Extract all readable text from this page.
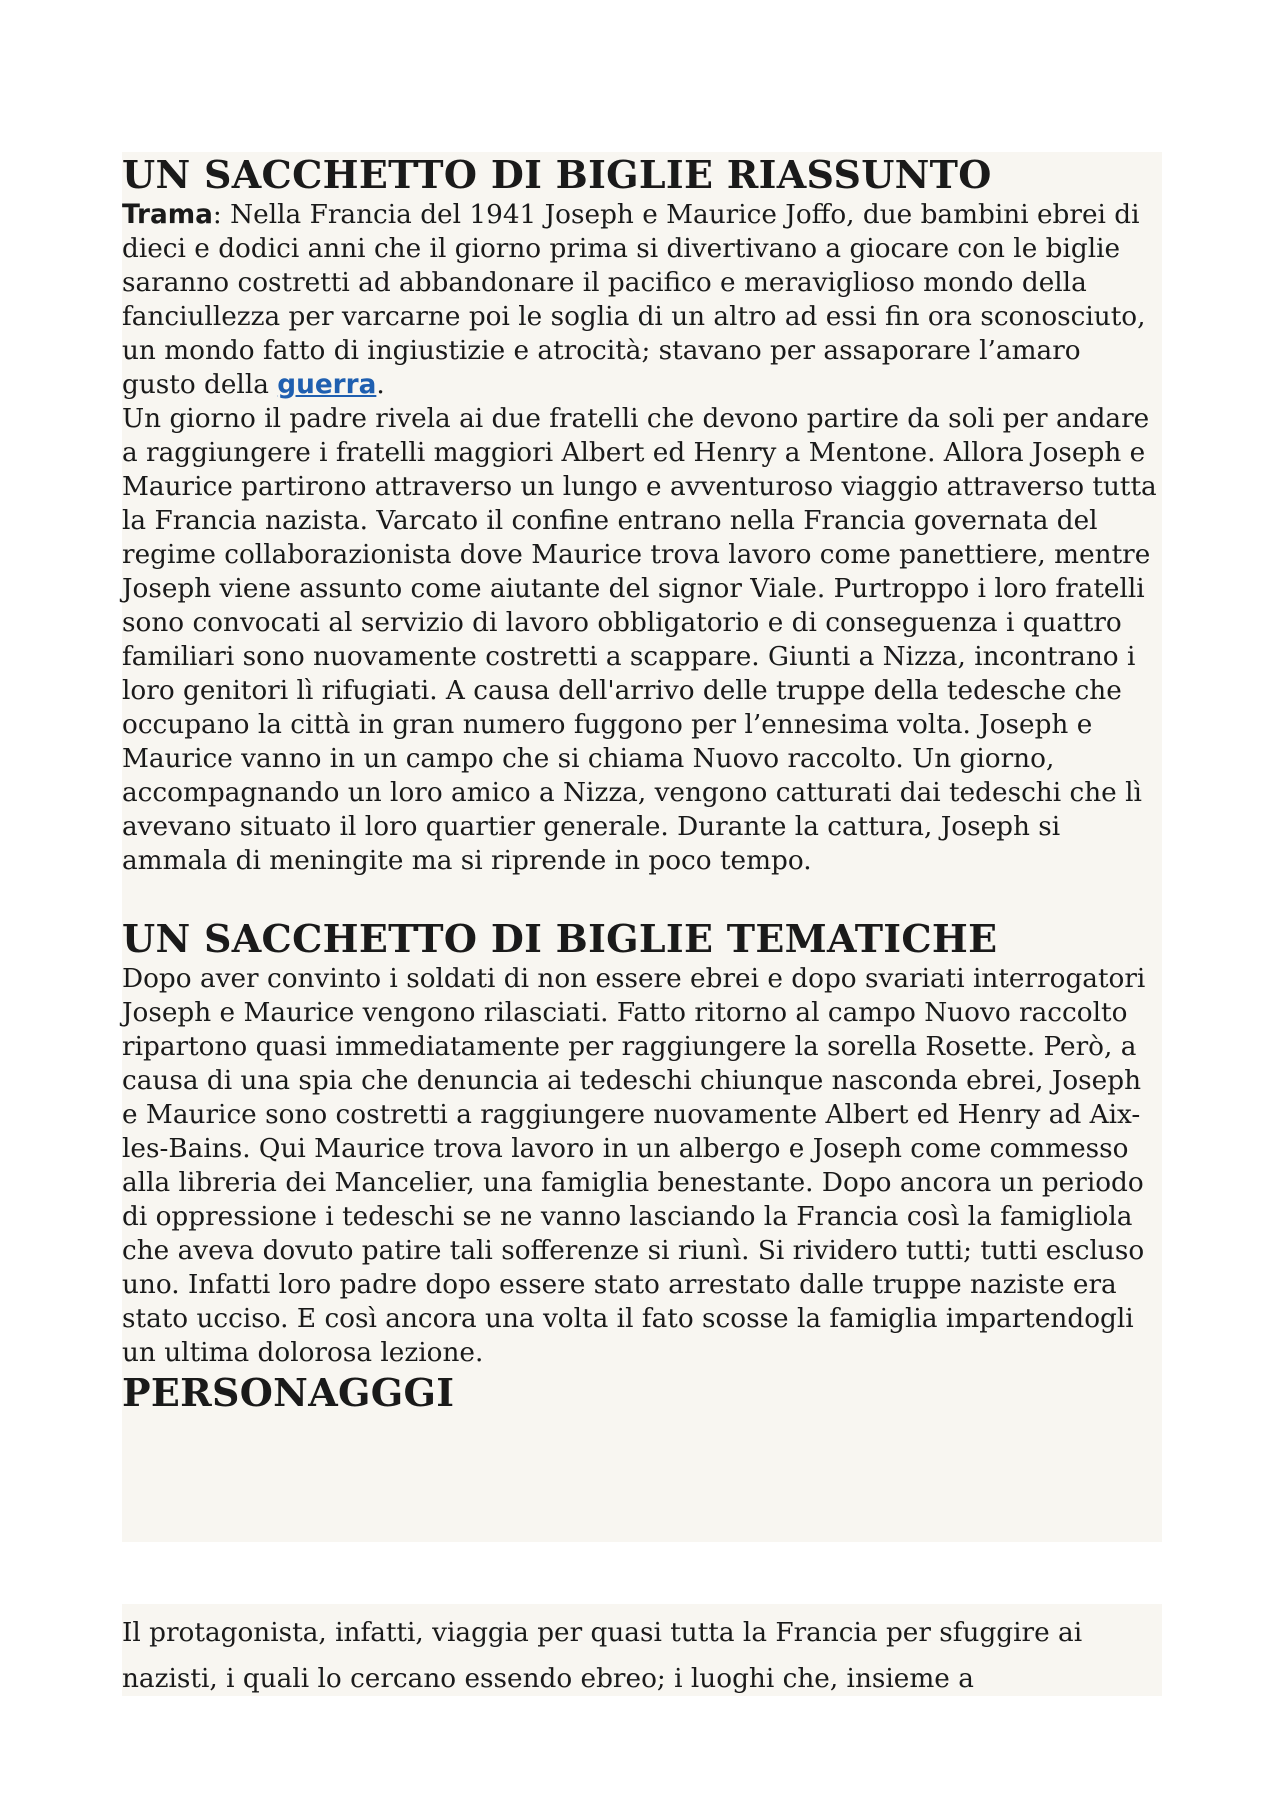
UN SACCHETTO DI BIGLIE RIASSUNTO

Trama: Nella Francia del 1941 Joseph e Maurice Joffo, due bambini ebrei di dieci e dodici anni che il giorno prima si divertivano a giocare con le biglie saranno costretti ad abbandonare il pacifico e meraviglioso mondo della fanciullezza per varcarne poi le soglia di un altro ad essi fin ora sconosciuto, un mondo fatto di ingiustizie e atrocità; stavano per assaporare l’amaro gusto della guerra.

Un giorno il padre rivela ai due fratelli che devono partire da soli per andare a raggiungere i fratelli maggiori Albert ed Henry a Mentone. Allora Joseph e Maurice partirono attraverso un lungo e avventuroso viaggio attraverso tutta la Francia nazista. Varcato il confine entrano nella Francia governata del regime collaborazionista dove Maurice trova lavoro come panettiere, mentre Joseph viene assunto come aiutante del signor Viale. Purtroppo i loro fratelli sono convocati al servizio di lavoro obbligatorio e di conseguenza i quattro familiari sono nuovamente costretti a scappare. Giunti a Nizza, incontrano i loro genitori lì rifugiati. A causa dell'arrivo delle truppe della tedesche che occupano la città in gran numero fuggono per l’ennesima volta. Joseph e Maurice vanno in un campo che si chiama Nuovo raccolto. Un giorno, accompagnando un loro amico a Nizza, vengono catturati dai tedeschi che lì avevano situato il loro quartier generale. Durante la cattura, Joseph si ammala di meningite ma si riprende in poco tempo.

UN SACCHETTO DI BIGLIE TEMATICHE

Dopo aver convinto i soldati di non essere ebrei e dopo svariati interrogatori Joseph e Maurice vengono rilasciati. Fatto ritorno al campo Nuovo raccolto ripartono quasi immediatamente per raggiungere la sorella Rosette. Però, a causa di una spia che denuncia ai tedeschi chiunque nasconda ebrei, Joseph e Maurice sono costretti a raggiungere nuovamente Albert ed Henry ad Aix-les-Bains. Qui Maurice trova lavoro in un albergo e Joseph come commesso alla libreria dei Mancelier, una famiglia benestante. Dopo ancora un periodo di oppressione i tedeschi se ne vanno lasciando la Francia così la famigliola che aveva dovuto patire tali sofferenze si riunì. Si rividero tutti; tutti escluso uno. Infatti loro padre dopo essere stato arrestato dalle truppe naziste era stato ucciso. E così ancora una volta il fato scosse la famiglia impartendogli un ultima dolorosa lezione.

PERSONAGGGI

Il protagonista, infatti, viaggia per quasi tutta la Francia per sfuggire ai nazisti, i quali lo cercano essendo ebreo; i luoghi che, insieme a
